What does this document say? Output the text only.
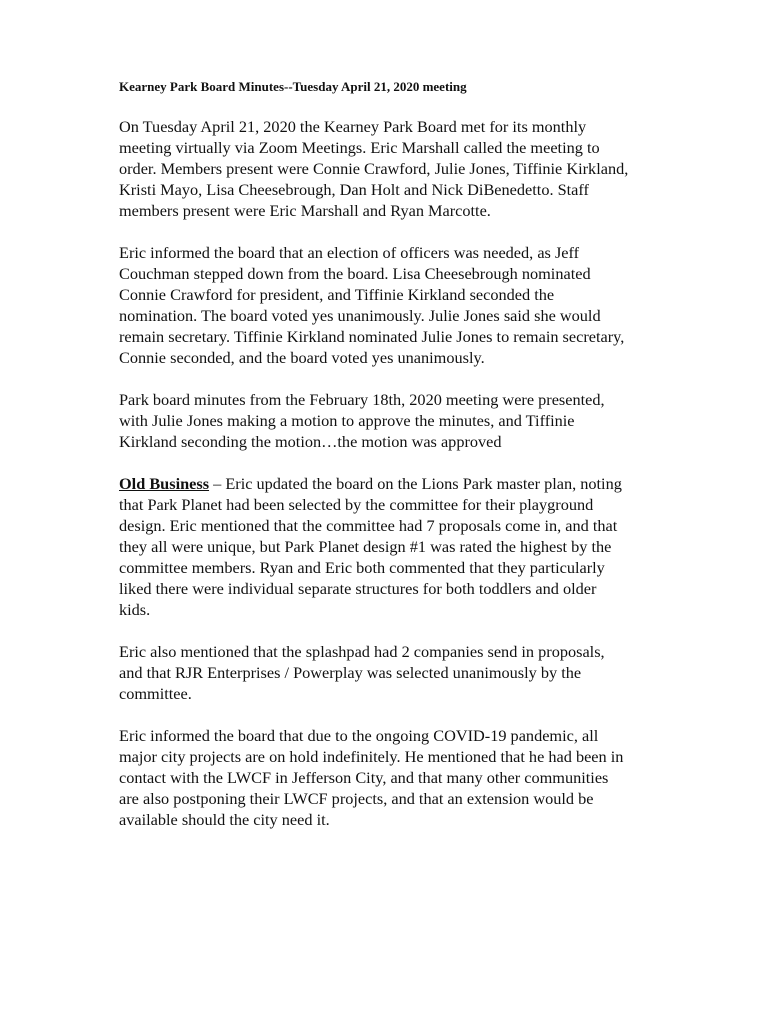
Kearney Park Board Minutes--Tuesday April 21, 2020 meeting

On Tuesday April 21, 2020 the Kearney Park Board met for its monthly meeting virtually via Zoom Meetings. Eric Marshall called the meeting to order. Members present were Connie Crawford, Julie Jones, Tiffinie Kirkland, Kristi Mayo, Lisa Cheesebrough, Dan Holt and Nick DiBenedetto. Staff members present were Eric Marshall and Ryan Marcotte.

Eric informed the board that an election of officers was needed, as Jeff Couchman stepped down from the board. Lisa Cheesebrough nominated Connie Crawford for president, and Tiffinie Kirkland seconded the nomination. The board voted yes unanimously. Julie Jones said she would remain secretary. Tiffinie Kirkland nominated Julie Jones to remain secretary, Connie seconded, and the board voted yes unanimously.

Park board minutes from the February 18th, 2020 meeting were presented, with Julie Jones making a motion to approve the minutes, and Tiffinie Kirkland seconding the motion…the motion was approved

Old Business – Eric updated the board on the Lions Park master plan, noting that Park Planet had been selected by the committee for their playground design. Eric mentioned that the committee had 7 proposals come in, and that they all were unique, but Park Planet design #1 was rated the highest by the committee members. Ryan and Eric both commented that they particularly liked there were individual separate structures for both toddlers and older kids.

Eric also mentioned that the splashpad had 2 companies send in proposals, and that RJR Enterprises / Powerplay was selected unanimously by the committee.

Eric informed the board that due to the ongoing COVID-19 pandemic, all major city projects are on hold indefinitely. He mentioned that he had been in contact with the LWCF in Jefferson City, and that many other communities are also postponing their LWCF projects, and that an extension would be available should the city need it.
